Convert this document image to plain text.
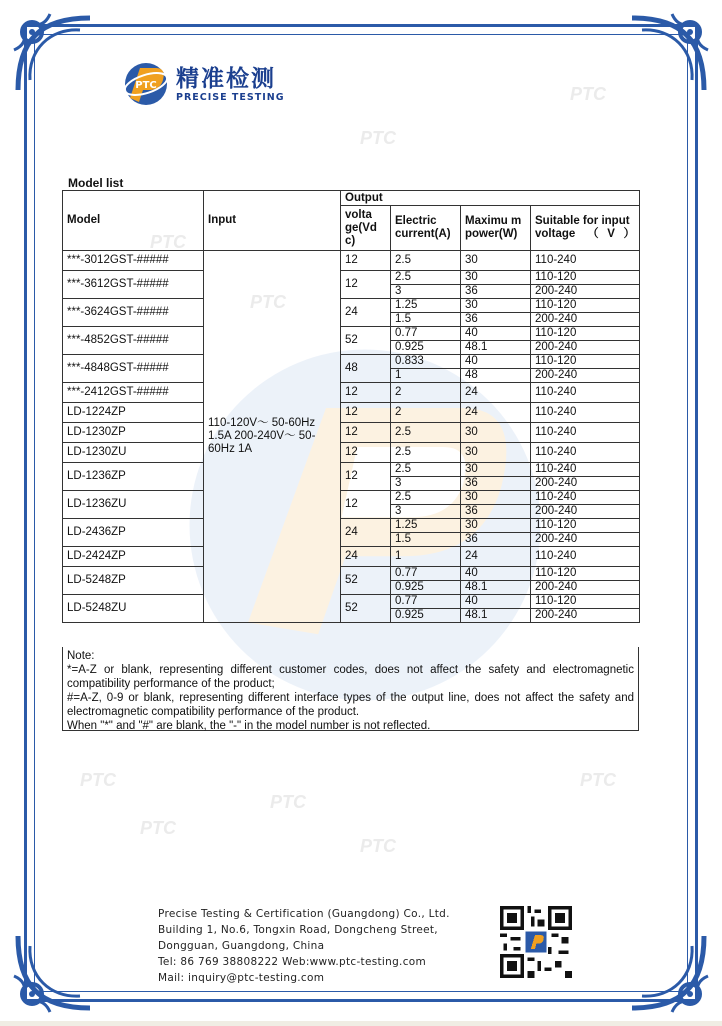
PTC
PTC
PTC
PTC
PTC
PTC
PTC
PTC
PTC
PTC 精准检测
PRECISE TESTING
Model list
Model	Input	Output			
		volta ge(Vd c)	Electric current(A)	Maximu m power(W)	Suitable for input voltage （V）
***-3012GST-#####	110-120V～ 50-60Hz 1.5A 200-240V～ 50-60Hz 1A	12	2.5	30	110-240
***-3612GST-#####		12	2.5	30	110-120
			3	36	200-240
***-3624GST-#####		24	1.25	30	110-120
			1.5	36	200-240
***-4852GST-#####		52	0.77	40	110-120
			0.925	48.1	200-240
***-4848GST-#####		48	0.833	40	110-120
			1	48	200-240
***-2412GST-#####		12	2	24	110-240
LD-1224ZP		12	2	24	110-240
LD-1230ZP		12	2.5	30	110-240
LD-1230ZU		12	2.5	30	110-240
LD-1236ZP		12	2.5	30	110-240
			3	36	200-240
LD-1236ZU		12	2.5	30	110-240
			3	36	200-240
LD-2436ZP		24	1.25	30	110-120
			1.5	36	200-240
LD-2424ZP		24	1	24	110-240
LD-5248ZP		52	0.77	40	110-120
			0.925	48.1	200-240
LD-5248ZU		52	0.77	40	110-120
			0.925	48.1	200-240

Note:

*=A-Z or blank, representing different customer codes, does not affect the safety and electromagnetic compatibility performance of the product;

#=A-Z, 0-9 or blank, representing different interface types of the output line, does not affect the safety and electromagnetic compatibility performance of the product.

When "*" and "#" are blank, the "-" in the model number is not reflected.

Precise Testing & Certification (Guangdong) Co., Ltd.
Building 1, No.6, Tongxin Road, Dongcheng Street,
Dongguan, Guangdong, China
Tel: 86 769 38808222 Web:www.ptc-testing.com
Mail: inquiry@ptc-testing.com
